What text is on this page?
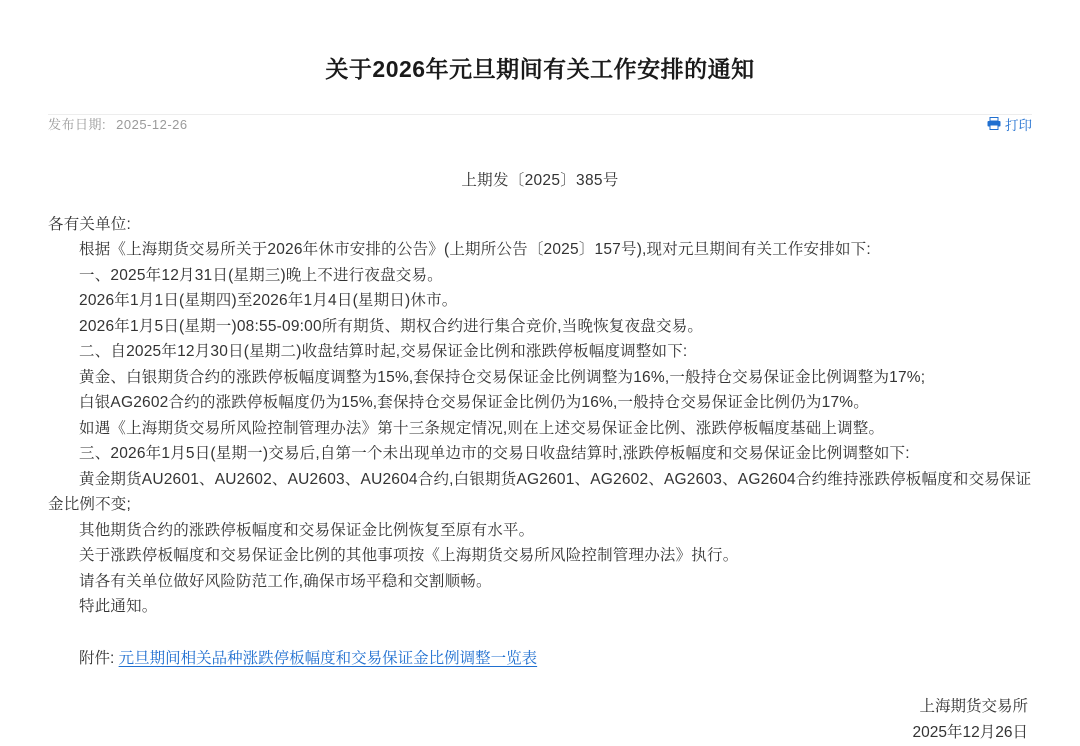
关于2026年元旦期间有关工作安排的通知
发布日期: 2025-12-26	打印
上期发〔2025〕385号

各有关单位:

根据《上海期货交易所关于2026年休市安排的公告》(上期所公告〔2025〕157号),现对元旦期间有关工作安排如下:

一、2025年12月31日(星期三)晚上不进行夜盘交易。

2026年1月1日(星期四)至2026年1月4日(星期日)休市。

2026年1月5日(星期一)08:55-09:00所有期货、期权合约进行集合竞价,当晚恢复夜盘交易。

二、自2025年12月30日(星期二)收盘结算时起,交易保证金比例和涨跌停板幅度调整如下:

黄金、白银期货合约的涨跌停板幅度调整为15%,套保持仓交易保证金比例调整为16%,一般持仓交易保证金比例调整为17%;

白银AG2602合约的涨跌停板幅度仍为15%,套保持仓交易保证金比例仍为16%,一般持仓交易保证金比例仍为17%。

如遇《上海期货交易所风险控制管理办法》第十三条规定情况,则在上述交易保证金比例、涨跌停板幅度基础上调整。

三、2026年1月5日(星期一)交易后,自第一个未出现单边市的交易日收盘结算时,涨跌停板幅度和交易保证金比例调整如下:

黄金期货AU2601、AU2602、AU2603、AU2604合约,白银期货AG2601、AG2602、AG2603、AG2604合约维持涨跌停板幅度和交易保证金比例不变;

其他期货合约的涨跌停板幅度和交易保证金比例恢复至原有水平。

关于涨跌停板幅度和交易保证金比例的其他事项按《上海期货交易所风险控制管理办法》执行。

请各有关单位做好风险防范工作,确保市场平稳和交割顺畅。

特此通知。

附件: 元旦期间相关品种涨跌停板幅度和交易保证金比例调整一览表
上海期货交易所
2025年12月26日
